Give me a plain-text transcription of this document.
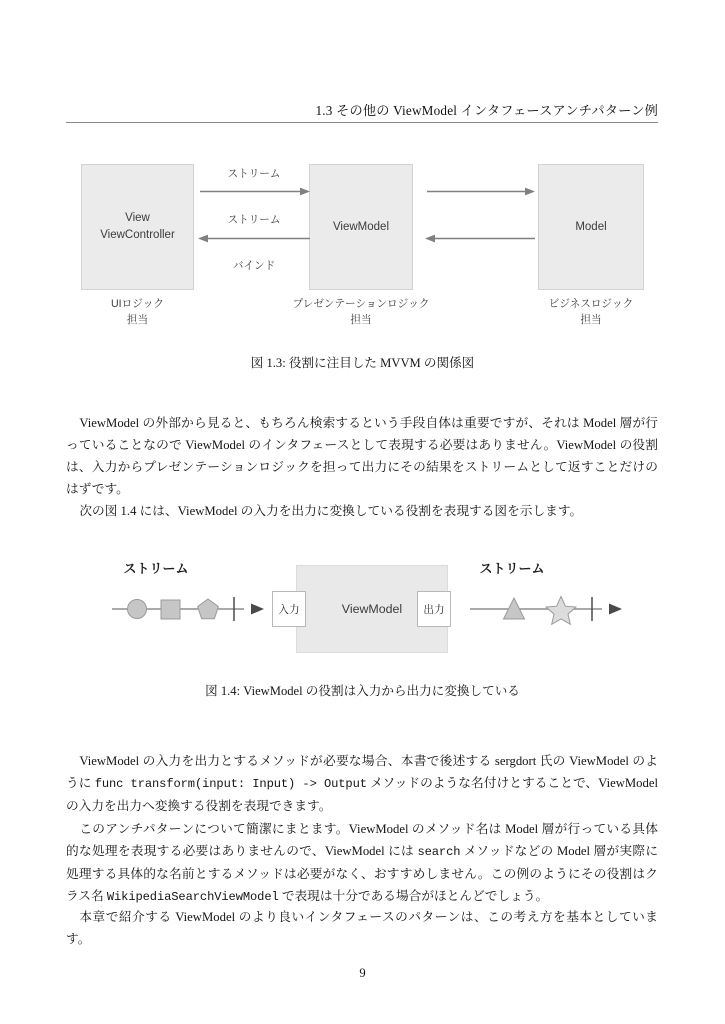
1.3 その他の ViewModel インタフェースアンチパターン例
View
ViewController
ViewModel	Model
ストリーム
ストリーム
バインド
UIロジック
担当
プレゼンテーションロジック
担当
ビジネスロジック
担当
図 1.3: 役割に注目した MVVM の関係図
ViewModel の外部から見ると、もちろん検索するという手段自体は重要ですが、それは Model 層が行っていることなので ViewModel のインタフェースとして表現する必要はありません。ViewModel の役割は、入力からプレゼンテーションロジックを担って出力にその結果をストリームとして返すことだけのはずです。
次の図 1.4 には、ViewModel の入力を出力に変換している役割を表現する図を示します。
ストリーム
ViewModel
入力	出力
ストリーム
図 1.4: ViewModel の役割は入力から出力に変換している
ViewModel の入力を出力とするメソッドが必要な場合、本書で後述する sergdort 氏の ViewModel のように func transform(input: Input) -> Output メソッドのような名付けとすることで、ViewModel の入力を出力へ変換する役割を表現できます。
このアンチパターンについて簡潔にまとます。ViewModel のメソッド名は Model 層が行っている具体的な処理を表現する必要はありませんので、ViewModel には search メソッドなどの Model 層が実際に処理する具体的な名前とするメソッドは必要がなく、おすすめしません。この例のようにその役割はクラス名 WikipediaSearchViewModel で表現は十分である場合がほとんどでしょう。
本章で紹介する ViewModel のより良いインタフェースのパターンは、この考え方を基本としています。
9
